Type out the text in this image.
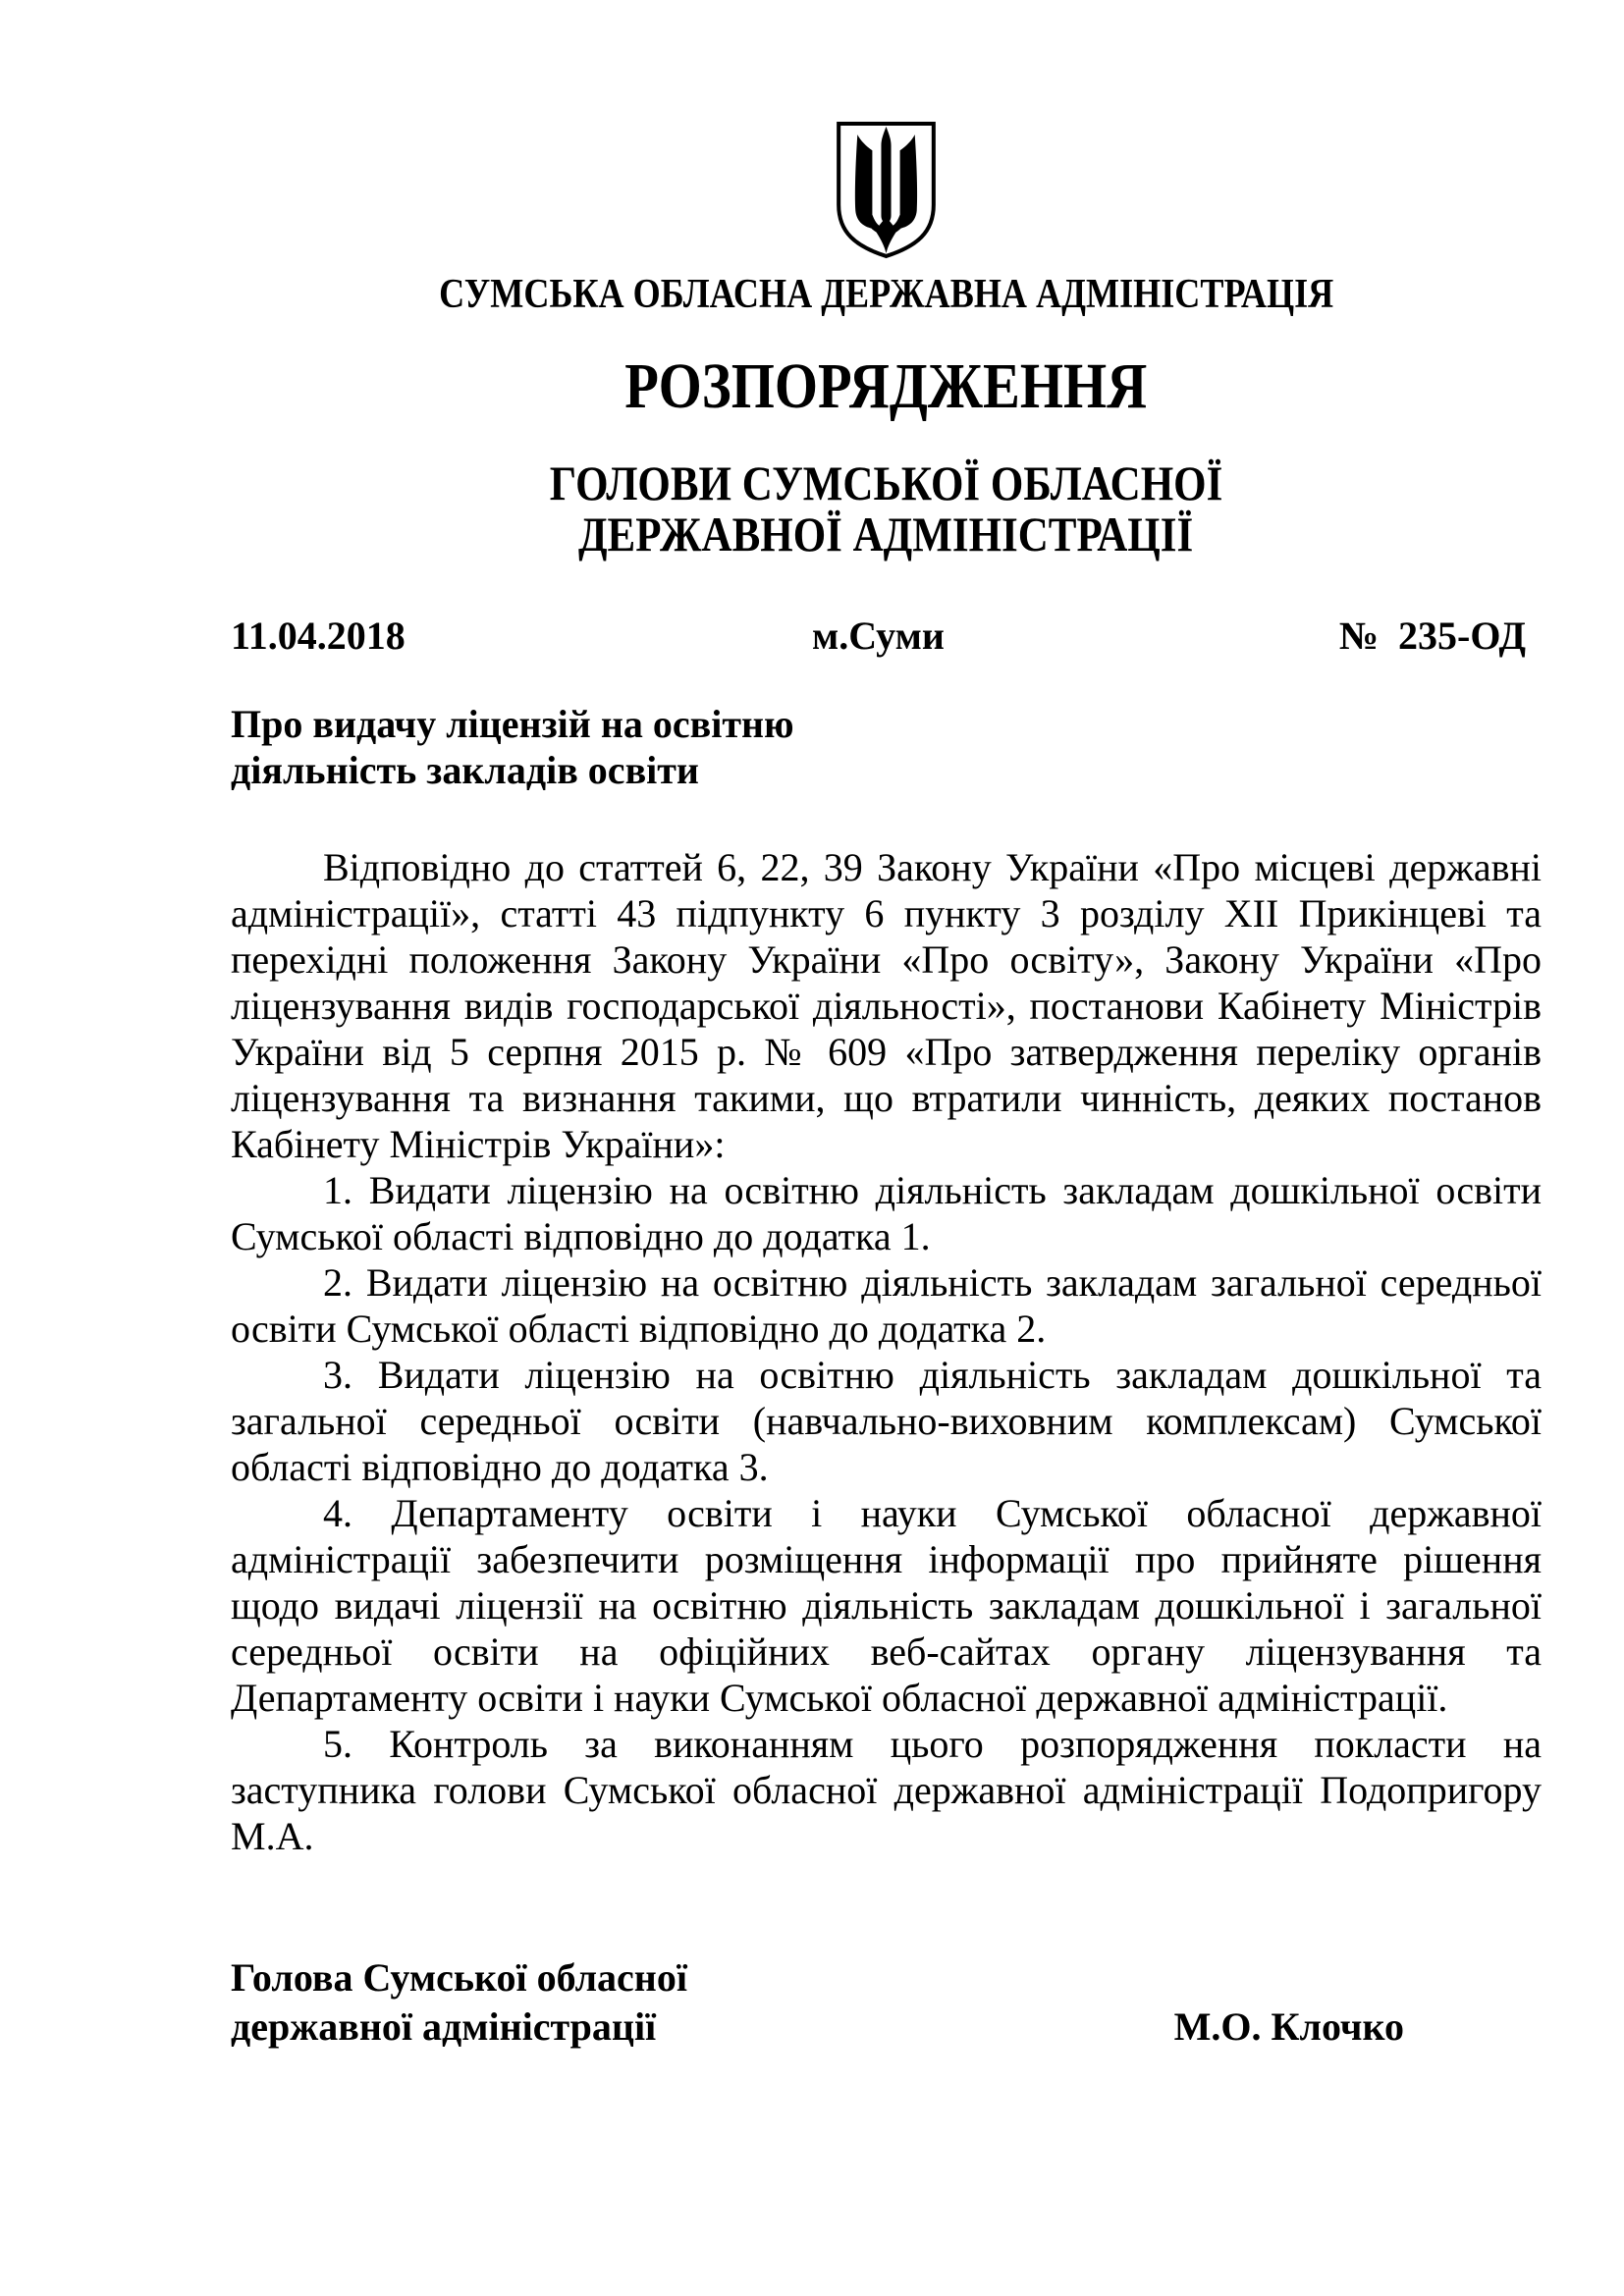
СУМСЬКА ОБЛАСНА ДЕРЖАВНА АДМІНІСТРАЦІЯ
РОЗПОРЯДЖЕННЯ
ГОЛОВИ СУМСЬКОЇ ОБЛАСНОЇ
ДЕРЖАВНОЇ АДМІНІСТРАЦІЇ
11.04.2018	м.Суми	№  235-ОД
Про видачу ліцензій на освітню
діяльність закладів освіти

Відповідно до статтей 6, 22, 39 Закону України «Про місцеві державні адміністрації», статті 43 підпункту 6 пункту 3 розділу XII Прикінцеві та перехідні положення Закону України «Про освіту», Закону України «Про ліцензування видів господарської діяльності», постанови Кабінету Міністрів України від 5 серпня 2015 р. № 609 «Про затвердження переліку органів ліцензування та визнання такими, що втратили чинність, деяких постанов Кабінету Міністрів України»:

1. Видати ліцензію на освітню діяльність закладам дошкільної освіти Сумської області відповідно до додатка 1.

2. Видати ліцензію на освітню діяльність закладам загальної середньої освіти Сумської області відповідно до додатка 2.

3. Видати ліцензію на освітню діяльність закладам дошкільної та загальної середньої освіти (навчально-виховним комплексам) Сумської області відповідно до додатка 3.

4. Департаменту освіти і науки Сумської обласної державної адміністрації забезпечити розміщення інформації про прийняте рішення щодо видачі ліцензії на освітню діяльність закладам дошкільної і загальної середньої освіти на офіційних веб-сайтах органу ліцензування та Департаменту освіти і науки Сумської обласної державної адміністрації.

5. Контроль за виконанням цього розпорядження покласти на заступника голови Сумської обласної державної адміністрації Подопригору М.А.

Голова Сумської обласної
державної адміністрації	М.О. Клочко
